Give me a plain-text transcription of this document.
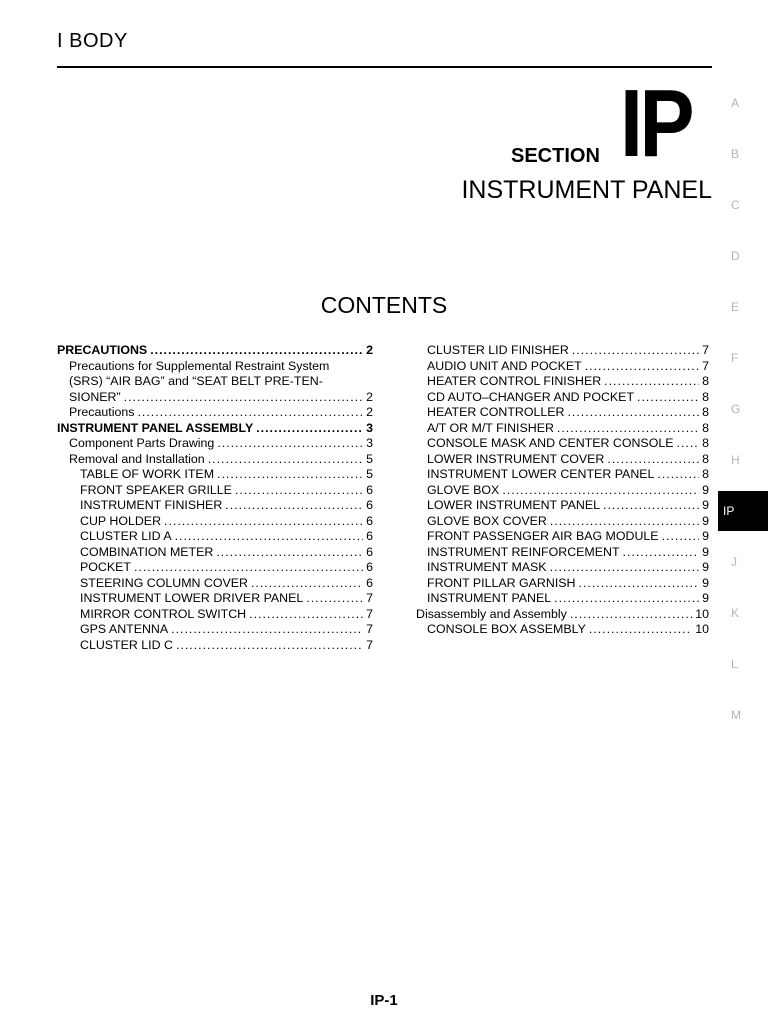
I BODY
SECTION IP
INSTRUMENT PANEL
CONTENTS
PRECAUTIONS .....	2
Precautions for Supplemental Restraint System
(SRS) “AIR BAG” and “SEAT BELT PRE-TEN-
SIONER” .....	2
Precautions .....	2
INSTRUMENT PANEL ASSEMBLY .....	3
Component Parts Drawing .....	3
Removal and Installation .....	5
TABLE OF WORK ITEM .....	5
FRONT SPEAKER GRILLE .....	6
INSTRUMENT FINISHER .....	6
CUP HOLDER .....	6
CLUSTER LID A .....	6
COMBINATION METER .....	6
POCKET .....	6
STEERING COLUMN COVER .....	6
INSTRUMENT LOWER DRIVER PANEL .....	7
MIRROR CONTROL SWITCH .....	7
GPS ANTENNA .....	7
CLUSTER LID C .....	7
CLUSTER LID FINISHER .....	7
AUDIO UNIT AND POCKET .....	7
HEATER CONTROL FINISHER .....	8
CD AUTO–CHANGER AND POCKET .....	8
HEATER CONTROLLER .....	8
A/T OR M/T FINISHER .....	8
CONSOLE MASK AND CENTER CONSOLE ..... 8
LOWER INSTRUMENT COVER .....	8
INSTRUMENT LOWER CENTER PANEL .....	8
GLOVE BOX .....	9
LOWER INSTRUMENT PANEL .....	9
GLOVE BOX COVER .....	9
FRONT PASSENGER AIR BAG MODULE .....	9
INSTRUMENT REINFORCEMENT .....	9
INSTRUMENT MASK .....	9
FRONT PILLAR GARNISH .....	9
INSTRUMENT PANEL .....	9
Disassembly and Assembly .....	10
CONSOLE BOX ASSEMBLY .....	10
A
B
C
D
E
F
G
H
IP
J
K
L
M
IP-1
